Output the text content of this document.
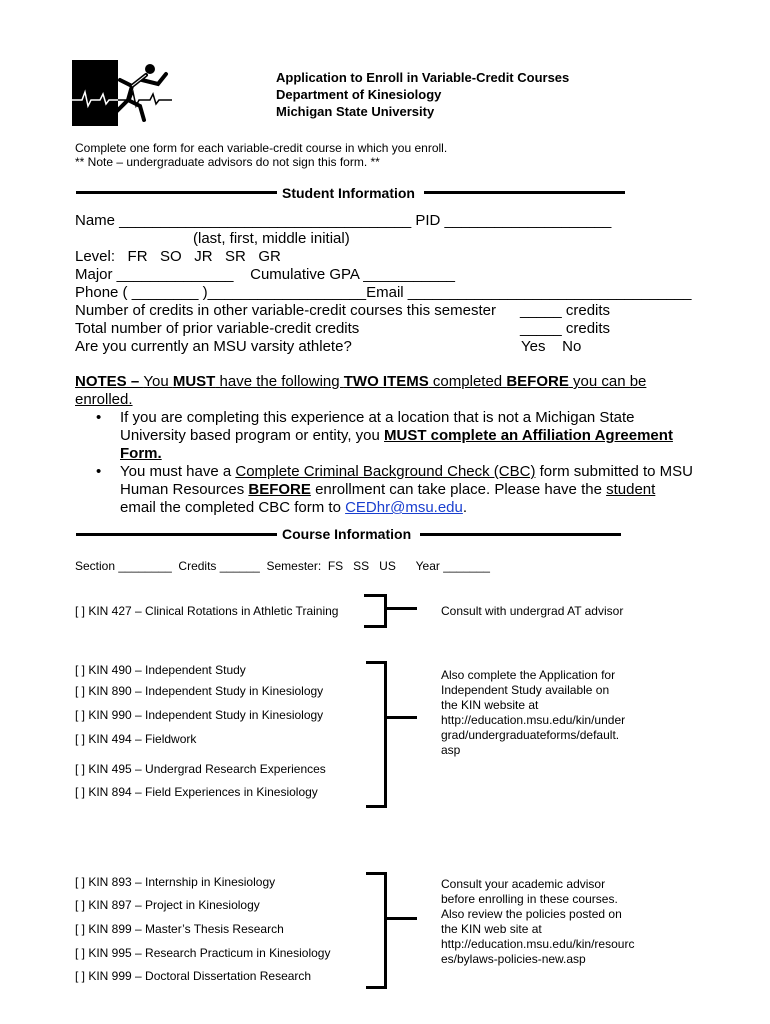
Application to Enroll in Variable-Credit Courses
Department of Kinesiology
Michigan State University
Complete one form for each variable-credit course in which you enroll.
** Note – undergraduate advisors do not sign this form. **
Student Information
Name ___________________________________ PID ____________________
(last, first, middle initial)
Level:   FR   SO   JR   SR   GR
Major ______________    Cumulative GPA ___________
Phone ( ________ )___________________Email __________________________________
Number of credits in other variable-credit courses this semester _____ credits
Total number of prior variable-credit credits	_____ credits
Are you currently an MSU varsity athlete?	Yes    No
NOTES – You MUST have the following TWO ITEMS completed BEFORE you can be
enrolled.
• If you are completing this experience at a location that is not a Michigan State
University based program or entity, you MUST complete an Affiliation Agreement
Form.
• You must have a Complete Criminal Background Check (CBC) form submitted to MSU
Human Resources BEFORE enrollment can take place. Please have the student
email the completed CBC form to CEDhr@msu.edu.
Course Information
Section ________  Credits ______  Semester:  FS   SS   US      Year _______
[ ] KIN 427 – Clinical Rotations in Athletic Training	Consult with undergrad AT advisor
[ ] KIN 490 – Independent Study
[ ] KIN 890 – Independent Study in Kinesiology
[ ] KIN 990 – Independent Study in Kinesiology
[ ] KIN 494 – Fieldwork
[ ] KIN 495 – Undergrad Research Experiences
[ ] KIN 894 – Field Experiences in Kinesiology
Also complete the Application for
Independent Study available on
the KIN website at
http://education.msu.edu/kin/under
grad/undergraduateforms/default.
asp
[ ] KIN 893 – Internship in Kinesiology
[ ] KIN 897 – Project in Kinesiology
[ ] KIN 899 – Master’s Thesis Research
[ ] KIN 995 – Research Practicum in Kinesiology
[ ] KIN 999 – Doctoral Dissertation Research
Consult your academic advisor
before enrolling in these courses.
Also review the policies posted on
the KIN web site at
http://education.msu.edu/kin/resourc
es/bylaws-policies-new.asp
